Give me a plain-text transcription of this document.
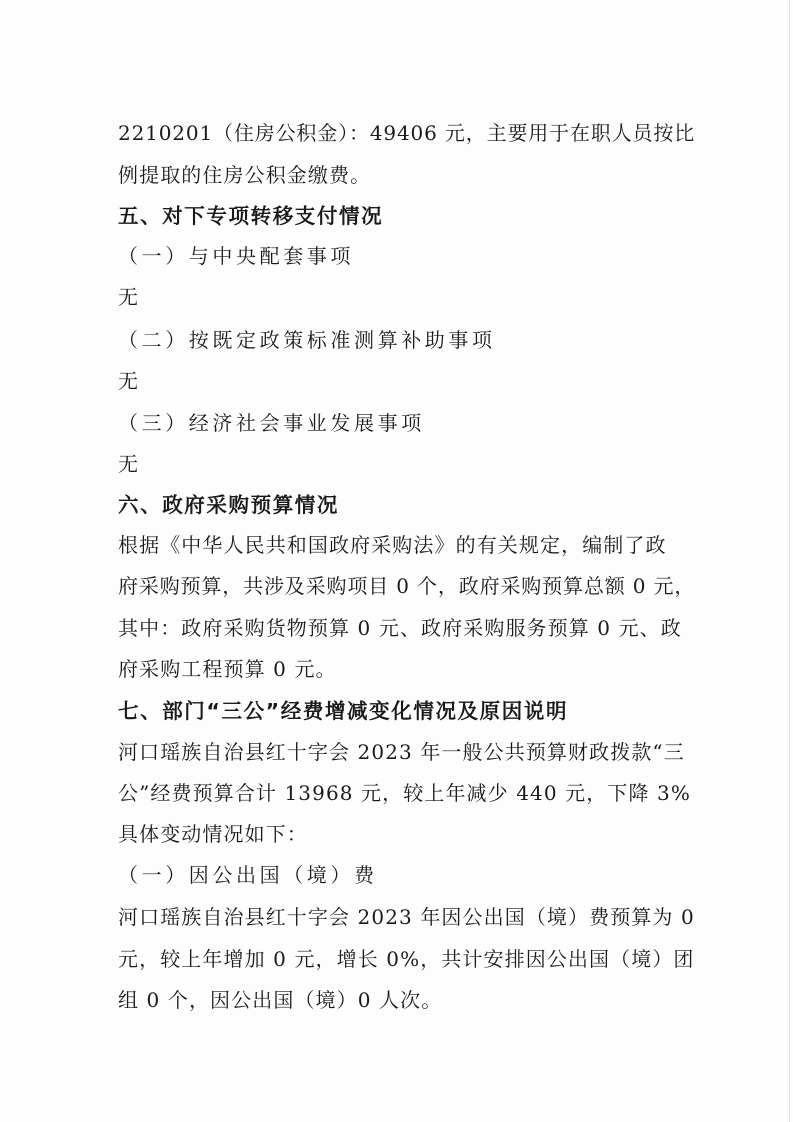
2210201（住房公积金）：49406 元，主要用于在职人员按比
例提取的住房公积金缴费。
五、对下专项转移支付情况
（一）与中央配套事项
无
（二）按既定政策标准测算补助事项
无
（三）经济社会事业发展事项
无
六、政府采购预算情况
根据《中华人民共和国政府采购法》的有关规定，编制了政
府采购预算，共涉及采购项目 0 个，政府采购预算总额 0 元，
其中：政府采购货物预算 0 元、政府采购服务预算 0 元、政
府采购工程预算 0 元。
七、部门“三公”经费增减变化情况及原因说明
河口瑶族自治县红十字会 2023 年一般公共预算财政拨款“三
公”经费预算合计 13968 元，较上年减少 440 元，下降 3%
具体变动情况如下：
（一）因公出国（境）费
河口瑶族自治县红十字会 2023 年因公出国（境）费预算为 0
元，较上年增加 0 元，增长 0%，共计安排因公出国（境）团
组 0 个，因公出国（境）0 人次。
